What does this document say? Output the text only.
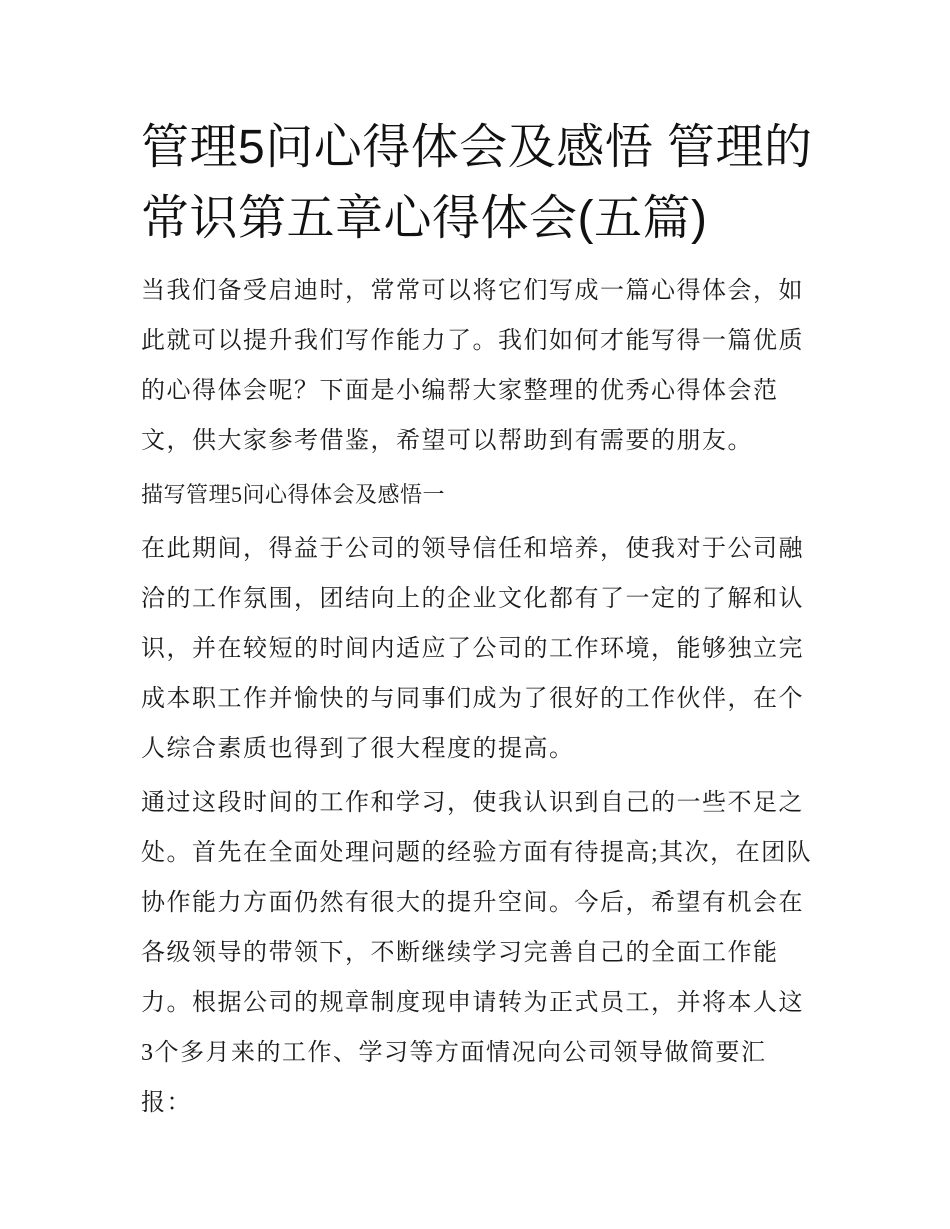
管理5问心得体会及感悟 管理的常识第五章心得体会(五篇)

当我们备受启迪时，常常可以将它们写成一篇心得体会，如此就可以提升我们写作能力了。我们如何才能写得一篇优质的心得体会呢？下面是小编帮大家整理的优秀心得体会范文，供大家参考借鉴，希望可以帮助到有需要的朋友。

描写管理5问心得体会及感悟一

在此期间，得益于公司的领导信任和培养，使我对于公司融洽的工作氛围，团结向上的企业文化都有了一定的了解和认识，并在较短的时间内适应了公司的工作环境，能够独立完成本职工作并愉快的与同事们成为了很好的工作伙伴，在个人综合素质也得到了很大程度的提高。

通过这段时间的工作和学习，使我认识到自己的一些不足之处。首先在全面处理问题的经验方面有待提高;其次，在团队协作能力方面仍然有很大的提升空间。今后，希望有机会在各级领导的带领下，不断继续学习完善自己的全面工作能力。根据公司的规章制度现申请转为正式员工，并将本人这3个多月来的工作、学习等方面情况向公司领导做简要汇报：
